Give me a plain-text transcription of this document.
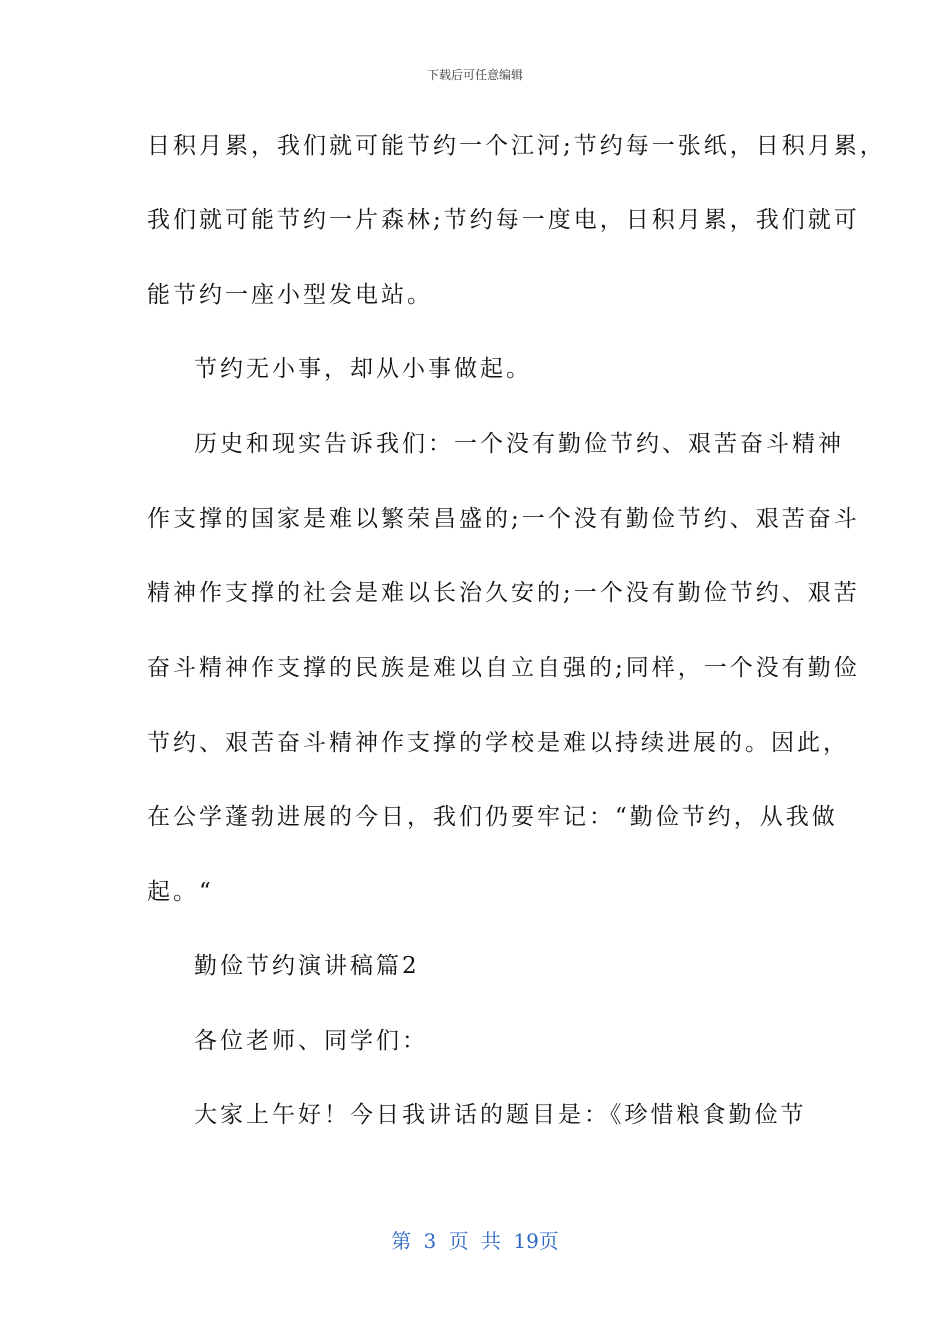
下载后可任意编辑
日积月累，我们就可能节约一个江河;节约每一张纸，日积月累，
我们就可能节约一片森林;节约每一度电，日积月累，我们就可
能节约一座小型发电站。
节约无小事，却从小事做起。
历史和现实告诉我们：一个没有勤俭节约、艰苦奋斗精神
作支撑的国家是难以繁荣昌盛的;一个没有勤俭节约、艰苦奋斗
精神作支撑的社会是难以长治久安的;一个没有勤俭节约、艰苦
奋斗精神作支撑的民族是难以自立自强的;同样，一个没有勤俭
节约、艰苦奋斗精神作支撑的学校是难以持续进展的。因此，
在公学蓬勃进展的今日，我们仍要牢记：“勤俭节约，从我做
起。“
勤俭节约演讲稿篇2
各位老师、同学们：
大家上午好！今日我讲话的题目是：《珍惜粮食勤俭节
第 3 页 共 19页
